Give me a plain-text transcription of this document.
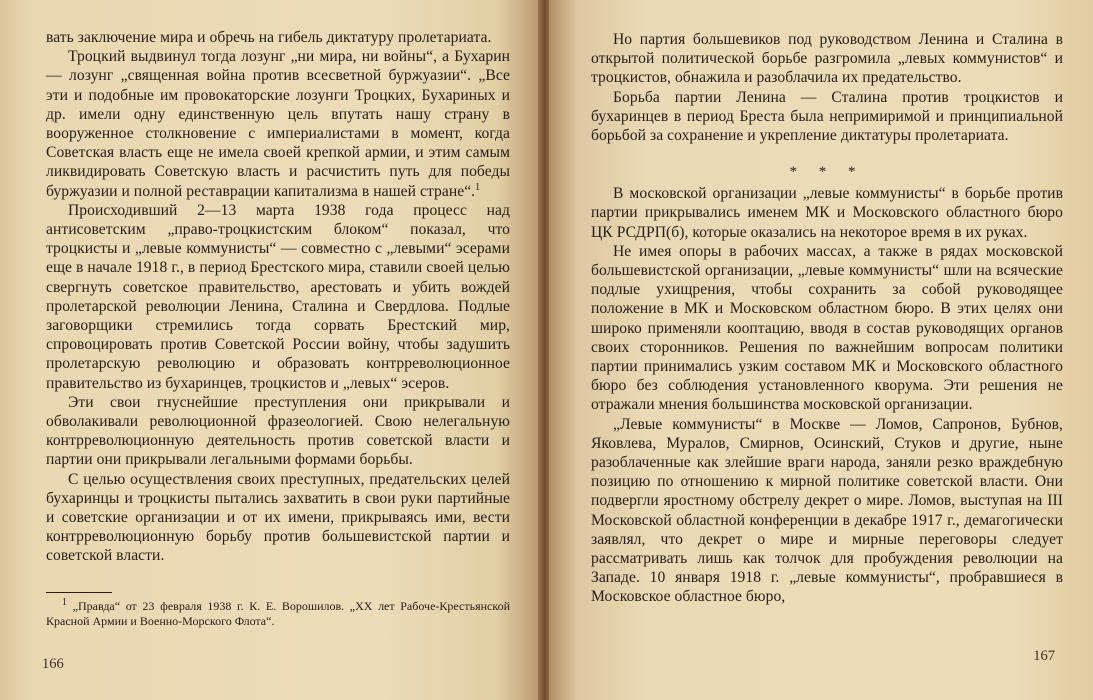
вать заключение мира и обречь на гибель диктатуру пролетариата.

Троцкий выдвинул тогда лозунг „ни мира, ни войны“, а Бухарин — лозунг „священная война против всесветной буржуазии“. „Все эти и подобные им провокаторские лозунги Троцких, Бухариных и др. имели одну единственную цель впутать нашу страну в вооруженное столкновение с империалистами в момент, когда Советская власть еще не имела своей крепкой армии, и этим самым ликвидировать Советскую власть и расчистить путь для победы буржуазии и полной реставрации капитализма в нашей стране“.$^1$

Происходивший 2—13 марта 1938 года процесс над антисоветским „право-троцкистским блоком“ показал, что троцкисты и „левые коммунисты“ — совместно с „левыми“ эсерами еще в начале 1918 г., в период Брестского мира, ставили своей целью свергнуть советское правительство, арестовать и убить вождей пролетарской революции Ленина, Сталина и Свердлова. Подлые заговорщики стремились тогда сорвать Брестский мир, спровоцировать против Советской России войну, чтобы задушить пролетарскую революцию и образовать контрреволюционное правительство из бухаринцев, троцкистов и „левых“ эсеров.

Эти свои гнуснейшие преступления они прикрывали и обволакивали революционной фразеологией. Свою нелегальную контрреволюционную деятельность против советской власти и партии они прикрывали легальными формами борьбы.

С целью осуществления своих преступных, предательских целей бухаринцы и троцкисты пытались захватить в свои руки партийные и советские организации и от их имени, прикрываясь ими, вести контрреволюционную борьбу против большевистской партии и советской власти.

$^1$ „Правда“ от 23 февраля 1938 г. К. Е. Ворошилов. „XX лет Рабоче-Крестьянской Красной Армии и Военно-Морского Флота“.

166

Но партия большевиков под руководством Ленина и Сталина в открытой политической борьбе разгромила „левых коммунистов“ и троцкистов, обнажила и разоблачила их предательство.

Борьба партии Ленина — Сталина против троцкистов и бухаринцев в период Бреста была непримиримой и принципиальной борьбой за сохранение и укрепление диктатуры пролетариата.

* * *

В московской организации „левые коммунисты“ в борьбе против партии прикрывались именем МК и Московского областного бюро ЦК РСДРП(б), которые оказались на некоторое время в их руках.

Не имея опоры в рабочих массах, а также в рядах московской большевистской организации, „левые коммунисты“ шли на всяческие подлые ухищрения, чтобы сохранить за собой руководящее положение в МК и Московском областном бюро. В этих целях они широко применяли кооптацию, вводя в состав руководящих органов своих сторонников. Решения по важнейшим вопросам политики партии принимались узким составом МК и Московского областного бюро без соблюдения установленного кворума. Эти решения не отражали мнения большинства московской организации.

„Левые коммунисты“ в Москве — Ломов, Сапронов, Бубнов, Яковлева, Муралов, Смирнов, Осинский, Стуков и другие, ныне разоблаченные как злейшие враги народа, заняли резко враждебную позицию по отношению к мирной политике советской власти. Они подвергли яростному обстрелу декрет о мире. Ломов, выступая на III Московской областной конференции в декабре 1917 г., демагогически заявлял, что декрет о мире и мирные переговоры следует рассматривать лишь как толчок для пробуждения революции на Западе. 10 января 1918 г. „левые коммунисты“, пробравшиеся в Московское областное бюро,

167
